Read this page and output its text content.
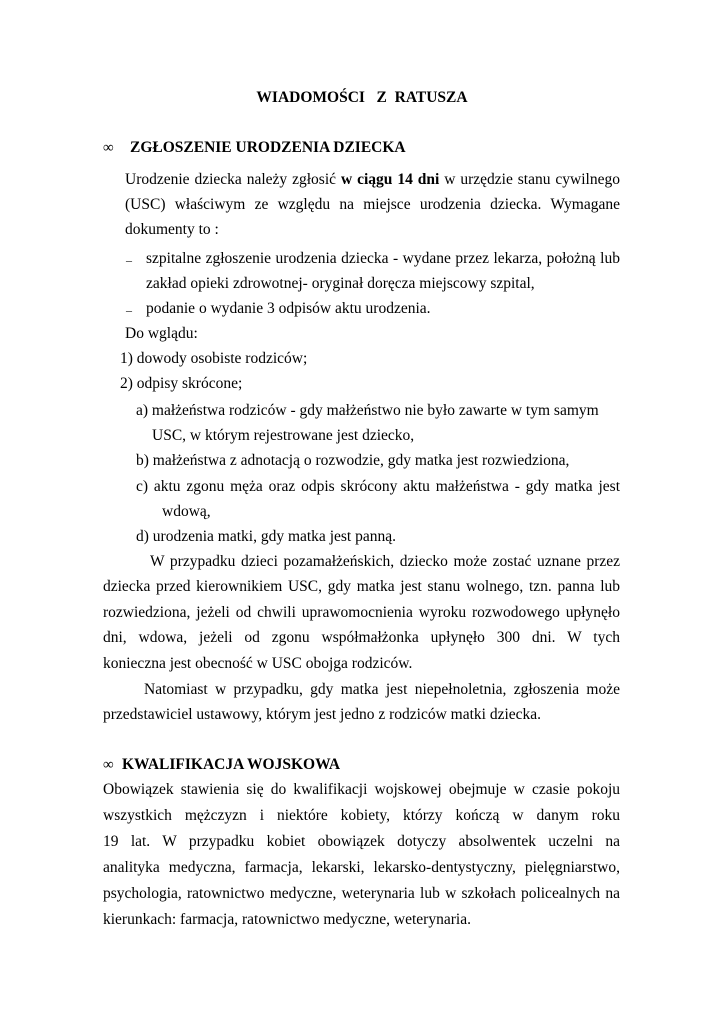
WIADOMOŚCI   Z  RATUSZA
∞ ZGŁOSZENIE URODZENIA DZIECKA
Urodzenie dziecka należy zgłosić w ciągu 14 dni w urzędzie stanu cywilnego
(USC) właściwym ze względu na miejsce urodzenia dziecka. Wymagane
dokumenty to :
– szpitalne zgłoszenie urodzenia dziecka - wydane przez lekarza, położną lub
zakład opieki zdrowotnej- oryginał doręcza miejscowy szpital,
– podanie o wydanie 3 odpisów aktu urodzenia.
Do wglądu:
1) dowody osobiste rodziców;
2) odpisy skrócone;
a) małżeństwa rodziców - gdy małżeństwo nie było zawarte w tym samym
USC, w którym rejestrowane jest dziecko,
b) małżeństwa z adnotacją o rozwodzie, gdy matka jest rozwiedziona,
c) aktu zgonu męża oraz odpis skrócony aktu małżeństwa - gdy matka jest
wdową,
d) urodzenia matki, gdy matka jest panną.
W przypadku dzieci pozamałżeńskich, dziecko może zostać uznane przez
dziecka przed kierownikiem USC, gdy matka jest stanu wolnego, tzn. panna lub
rozwiedziona, jeżeli od chwili uprawomocnienia wyroku rozwodowego upłynęło
dni, wdowa, jeżeli od zgonu współmałżonka upłynęło 300 dni. W tych
konieczna jest obecność w USC obojga rodziców.
Natomiast w przypadku, gdy matka jest niepełnoletnia, zgłoszenia może
przedstawiciel ustawowy, którym jest jedno z rodziców matki dziecka.
∞ KWALIFIKACJA WOJSKOWA
Obowiązek stawienia się do kwalifikacji wojskowej obejmuje w czasie pokoju
wszystkich mężczyzn i niektóre kobiety, którzy kończą w danym roku
19 lat. W przypadku kobiet obowiązek dotyczy absolwentek uczelni na
analityka medyczna, farmacja, lekarski, lekarsko-dentystyczny, pielęgniarstwo,
psychologia, ratownictwo medyczne, weterynaria lub w szkołach policealnych na
kierunkach: farmacja, ratownictwo medyczne, weterynaria.
